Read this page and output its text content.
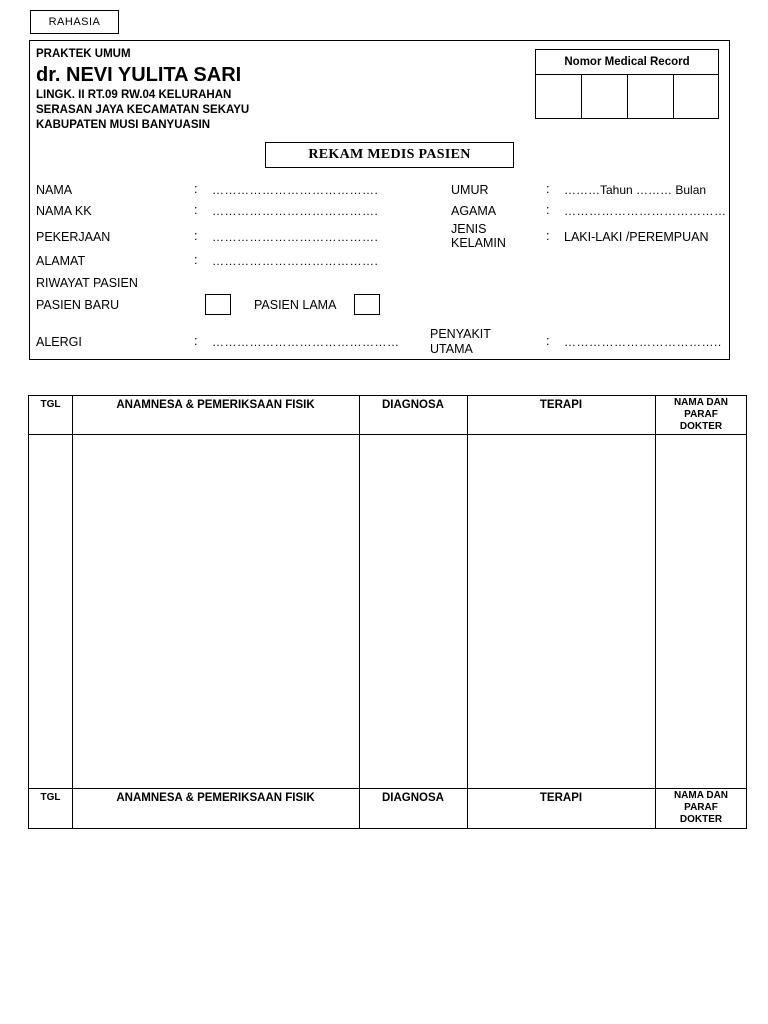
RAHASIA
PRAKTEK UMUM
dr. NEVI YULITA SARI
LINGK. II RT.09 RW.04 KELURAHAN
SERASAN JAYA KECAMATAN SEKAYU
KABUPATEN MUSI BANYUASIN
Nomor Medical Record
REKAM MEDIS PASIEN
NAMA	: ………………………………….
NAMA KK	: ………………………………….
PEKERJAAN	: ………………………………….
ALAMAT	: ………………………………….
RIWAYAT PASIEN
PASIEN BARU	PASIEN LAMA
ALERGI	: ………………………………………
UMUR	: ………Tahun ……… Bulan
AGAMA	: …………………………………
JENIS
KELAMIN	: LAKI-LAKI /PEREMPUAN
PENYAKIT
UTAMA
: ………………………………..
TGL	ANAMNESA & PEMERIKSAAN FISIK	DIAGNOSA	TERAPI	NAMA DAN
PARAF
DOKTER
TGL	ANAMNESA & PEMERIKSAAN FISIK	DIAGNOSA	TERAPI	NAMA DAN
PARAF
DOKTER
